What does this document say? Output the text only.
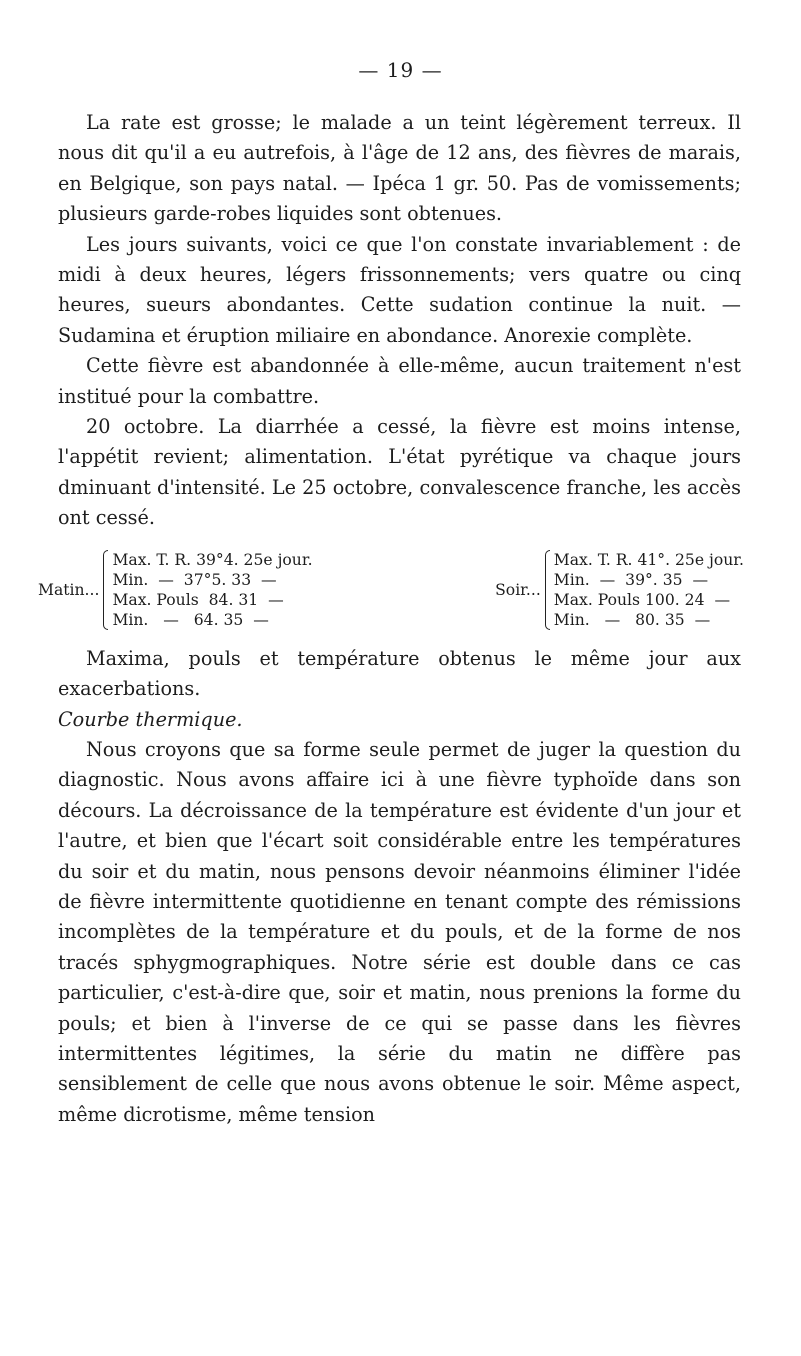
— 19 —

La rate est grosse; le malade a un teint légèrement terreux. Il nous dit qu'il a eu autrefois, à l'âge de 12 ans, des fièvres de marais, en Belgique, son pays natal. — Ipéca 1 gr. 50. Pas de vomissements; plusieurs garde-robes liquides sont obtenues.

Les jours suivants, voici ce que l'on constate invariablement : de midi à deux heures, légers frissonnements; vers quatre ou cinq heures, sueurs abondantes. Cette sudation continue la nuit. — Sudamina et éruption miliaire en abondance. Anorexie complète.

Cette fièvre est abandonnée à elle-même, aucun traitement n'est institué pour la combattre.

20 octobre. La diarrhée a cessé, la fièvre est moins intense, l'appétit revient; alimentation. L'état pyrétique va chaque jours dminuant d'intensité. Le 25 octobre, convalescence franche, les accès ont cessé.

Matin...
Max. T. R. 39°4. 25e jour.
Min.  —  37°5. 33  —
Max. Pouls  84. 31  —
Min.   —   64. 35  —
Soir...
Max. T. R. 41°. 25e jour.
Min.  —  39°. 35  —
Max. Pouls 100. 24  —
Min.   —   80. 35  —

Maxima, pouls et température obtenus le même jour aux exacerbations.

Courbe thermique.

Nous croyons que sa forme seule permet de juger la question du diagnostic. Nous avons affaire ici à une fièvre typhoïde dans son décours. La décroissance de la température est évidente d'un jour et l'autre, et bien que l'écart soit considérable entre les températures du soir et du matin, nous pensons devoir néanmoins éliminer l'idée de fièvre intermittente quotidienne en tenant compte des rémissions incomplètes de la température et du pouls, et de la forme de nos tracés sphygmographiques. Notre série est double dans ce cas particulier, c'est-à-dire que, soir et matin, nous prenions la forme du pouls; et bien à l'inverse de ce qui se passe dans les fièvres intermittentes légitimes, la série du matin ne diffère pas sensiblement de celle que nous avons obtenue le soir. Même aspect, même dicrotisme, même tension
